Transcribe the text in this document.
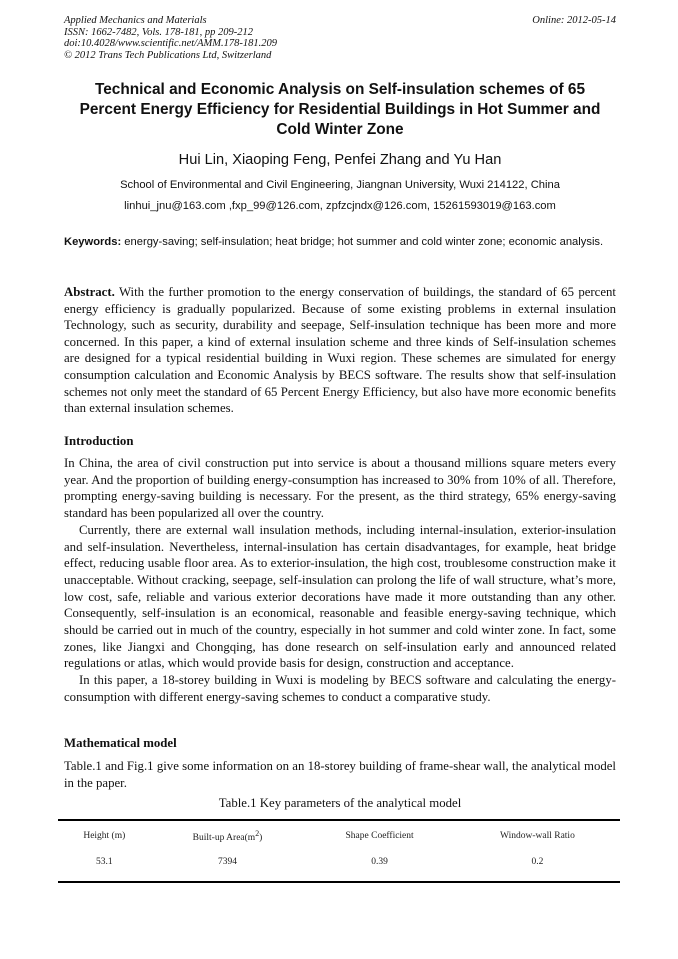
Applied Mechanics and Materials
ISSN: 1662-7482, Vols. 178-181, pp 209-212
doi:10.4028/www.scientific.net/AMM.178-181.209
© 2012 Trans Tech Publications Ltd, Switzerland
Online: 2012-05-14
Technical and Economic Analysis on Self-insulation schemes of 65
Percent Energy Efficiency for Residential Buildings in Hot Summer and
Cold Winter Zone
Hui Lin, Xiaoping Feng, Penfei Zhang and Yu Han
School of Environmental and Civil Engineering, Jiangnan University, Wuxi 214122, China
linhui_jnu@163.com ,fxp_99@126.com, zpfzcjndx@126.com, 15261593019@163.com
Keywords: energy-saving; self-insulation; heat bridge; hot summer and cold winter zone; economic analysis.
Abstract. With the further promotion to the energy conservation of buildings, the standard of 65 percent energy efficiency is gradually popularized. Because of some existing problems in external insulation Technology, such as security, durability and seepage, Self-insulation technique has been more and more concerned. In this paper, a kind of external insulation scheme and three kinds of Self-insulation schemes are designed for a typical residential building in Wuxi region. These schemes are simulated for energy consumption calculation and Economic Analysis by BECS software. The results show that self-insulation schemes not only meet the standard of 65 Percent Energy Efficiency, but also have more economic benefits than external insulation schemes.
Introduction

In China, the area of civil construction put into service is about a thousand millions square meters every year. And the proportion of building energy-consumption has increased to 30% from 10% of all. Therefore, prompting energy-saving building is necessary. For the present, as the third strategy, 65% energy-saving standard has been popularized all over the country.

Currently, there are external wall insulation methods, including internal-insulation, exterior-insulation and self-insulation. Nevertheless, internal-insulation has certain disadvantages, for example, heat bridge effect, reducing usable floor area. As to exterior-insulation, the high cost, troublesome construction make it unacceptable. Without cracking, seepage, self-insulation can prolong the life of wall structure, what’s more, low cost, safe, reliable and various exterior decorations have made it more outstanding than any other. Consequently, self-insulation is an economical, reasonable and feasible energy-saving technique, which should be carried out in much of the country, especially in hot summer and cold winter zone. In fact, some zones, like Jiangxi and Chongqing, has done research on self-insulation early and announced related regulations or atlas, which would provide basis for design, construction and acceptance.

In this paper, a 18-storey building in Wuxi is modeling by BECS software and calculating the energy-consumption with different energy-saving schemes to conduct a comparative study.

Mathematical model

Table.1 and Fig.1 give some information on an 18-storey building of frame-shear wall, the analytical model in the paper.

Table.1 Key parameters of the analytical model
Height (m)	Built-up $Area(m^2)$	Shape Coefficient	Window-wall Ratio
53.1	7394	0.39	0.2
